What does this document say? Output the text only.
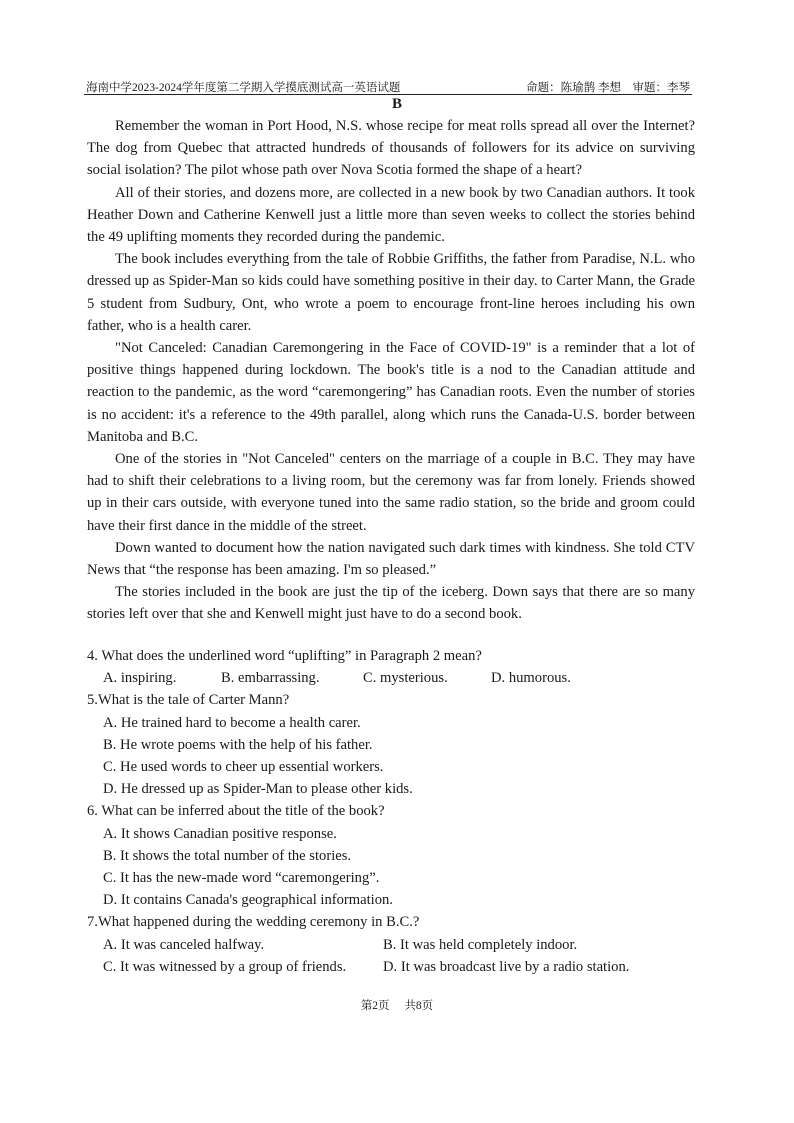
海南中学2023-2024学年度第二学期入学摸底测试高一英语试题	命题：陈瑜鹊 李想　审题：李琴
B

Remember the woman in Port Hood, N.S. whose recipe for meat rolls spread all over the Internet? The dog from Quebec that attracted hundreds of thousands of followers for its advice on surviving social isolation? The pilot whose path over Nova Scotia formed the shape of a heart?

All of their stories, and dozens more, are collected in a new book by two Canadian authors. It took Heather Down and Catherine Kenwell just a little more than seven weeks to collect the stories behind the 49 uplifting moments they recorded during the pandemic.

The book includes everything from the tale of Robbie Griffiths, the father from Paradise, N.L. who dressed up as Spider-Man so kids could have something positive in their day. to Carter Mann, the Grade 5 student from Sudbury, Ont, who wrote a poem to encourage front-line heroes including his own father, who is a health carer.

"Not Canceled: Canadian Caremongering in the Face of COVID-19" is a reminder that a lot of positive things happened during lockdown. The book's title is a nod to the Canadian attitude and reaction to the pandemic, as the word “caremongering” has Canadian roots. Even the number of stories is no accident: it's a reference to the 49th parallel, along which runs the Canada-U.S. border between Manitoba and B.C.

One of the stories in "Not Canceled" centers on the marriage of a couple in B.C. They may have had to shift their celebrations to a living room, but the ceremony was far from lonely. Friends showed up in their cars outside, with everyone tuned into the same radio station, so the bride and groom could have their first dance in the middle of the street.

Down wanted to document how the nation navigated such dark times with kindness. She told CTV News that “the response has been amazing. I'm so pleased.”

The stories included in the book are just the tip of the iceberg. Down says that there are so many stories left over that she and Kenwell might just have to do a second book.

4. What does the underlined word “uplifting” in Paragraph 2 mean?

A. inspiring.	B. embarrassing.	C. mysterious.	D. humorous.

5.What is the tale of Carter Mann?

A. He trained hard to become a health carer.

B. He wrote poems with the help of his father.

C. He used words to cheer up essential workers.

D. He dressed up as Spider-Man to please other kids.

6. What can be inferred about the title of the book?

A. It shows Canadian positive response.

B. It shows the total number of the stories.

C. It has the new-made word “caremongering”.

D. It contains Canada's geographical information.

7.What happened during the wedding ceremony in B.C.?

A. It was canceled halfway.	B. It was held completely indoor.
C. It was witnessed by a group of friends.	D. It was broadcast live by a radio station.
第2页 共8页
